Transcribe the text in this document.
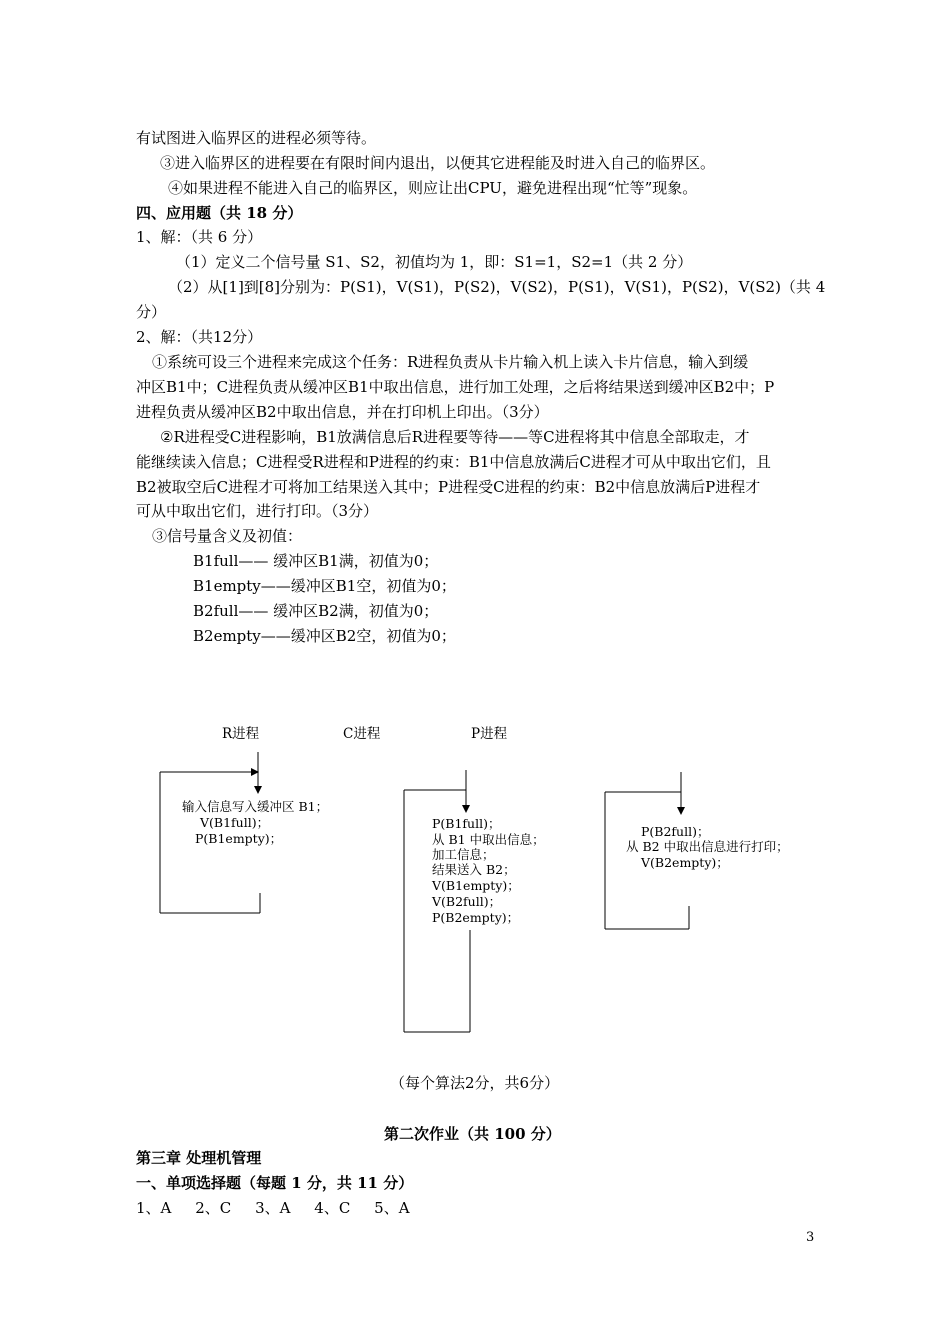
有试图进入临界区的进程必须等待。
③进入临界区的进程要在有限时间内退出，以便其它进程能及时进入自己的临界区。
④如果进程不能进入自己的临界区，则应让出CPU，避免进程出现“忙等”现象。
四、应用题（共 18 分）
1、解：（共 6 分）
（1）定义二个信号量 S1、S2，初值均为 1，即：S1=1，S2=1（共 2 分）
（2）从[1]到[8]分别为：P(S1)，V(S1)，P(S2)，V(S2)，P(S1)，V(S1)，P(S2)，V(S2)（共 4
分）
2、解：（共12分）
①系统可设三个进程来完成这个任务：R进程负责从卡片输入机上读入卡片信息，输入到缓
冲区B1中；C进程负责从缓冲区B1中取出信息，进行加工处理，之后将结果送到缓冲区B2中；P
进程负责从缓冲区B2中取出信息，并在打印机上印出。（3分）
②R进程受C进程影响，B1放满信息后R进程要等待——等C进程将其中信息全部取走，才
能继续读入信息；C进程受R进程和P进程的约束：B1中信息放满后C进程才可从中取出它们，且
B2被取空后C进程才可将加工结果送入其中；P进程受C进程的约束：B2中信息放满后P进程才
可从中取出它们，进行打印。（3分）
③信号量含义及初值：
B1full—— 缓冲区B1满，初值为0；
B1empty——缓冲区B1空，初值为0；
B2full—— 缓冲区B2满，初值为0；
B2empty——缓冲区B2空，初值为0；
R进程	C进程	P进程
输入信息写入缓冲区 B1；
V(B1full)；
P(B1empty)；
P(B1full)；
从 B1 中取出信息；
加工信息；
结果送入 B2；
V(B1empty)；
V(B2full)；
P(B2empty)；
P(B2full)；
从 B2 中取出信息进行打印；
V(B2empty)；
（每个算法2分，共6分）
第二次作业（共 100 分）
第三章 处理机管理
一、单项选择题（每题 1 分，共 11 分）
1、A     2、C     3、A     4、C     5、A
3
